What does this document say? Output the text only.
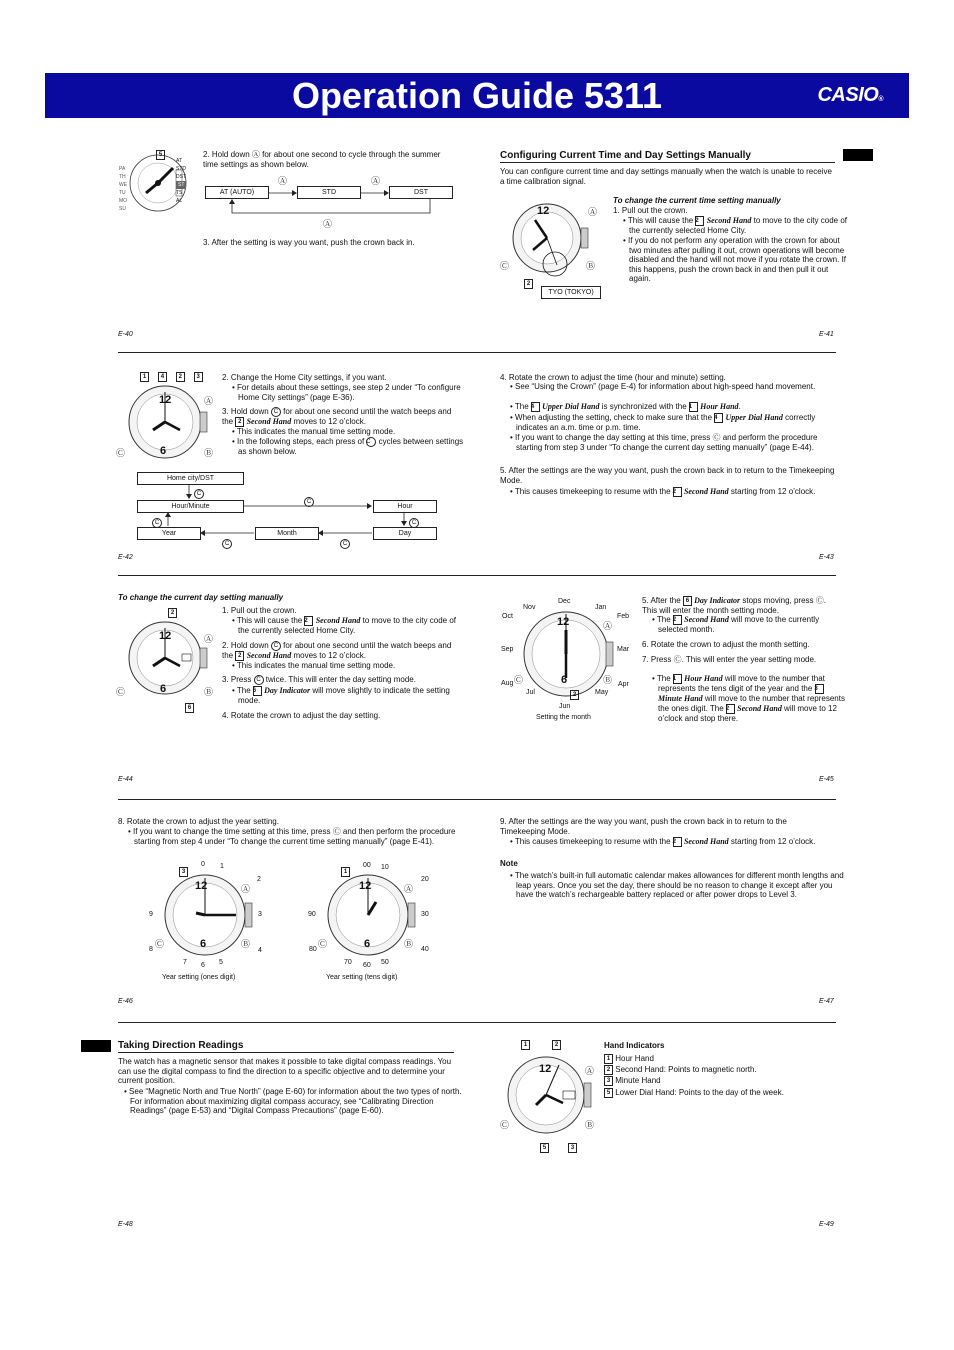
Operation Guide 5311	CASIO®
5
AT
STD
DST
ST
TS
AL
PA
TH
WE
TU
MO
SU
2. Hold down Ⓐ for about one second to cycle through the summer time settings as shown below.
AT (AUTO)	STD	DST
Ⓐ	Ⓐ
Ⓐ
3. After the setting is way you want, push the crown back in.
E-40
Configuring Current Time and Day Settings Manually
You can configure current time and day settings manually when the watch is unable to receive a time calibration signal.
12	Ⓐ
Ⓑ
Ⓒ
2
TYO (TOKYO)
To change the current time setting manually
1. Pull out the crown.
• This will cause the 2 Second Hand to move to the city code of the currently selected Home City.
• If you do not perform any operation with the crown for about two minutes after pulling it out, crown operations will become disabled and the hand will not move if you rotate the crown. If this happens, push the crown back in and then pull it out again.
E-41
1 4 2 3
12
6
Ⓐ
Ⓑ
Ⓒ
2. Change the Home City settings, if you want.
• For details about these settings, see step 2 under “To configure Home City settings” (page E-36).
3. Hold down C for about one second until the watch beeps and the 2 Second Hand moves to 12 o’clock.
• This indicates the manual time setting mode.
• In the following steps, each press of C cycles between settings as shown below.
Home city/DST
Hour/Minute	Hour
Year	Month	Day
C
C
C
C
C	C
E-42
4. Rotate the crown to adjust the time (hour and minute) setting.
• See “Using the Crown” (page E-4) for information about high-speed hand movement.
• The 4 Upper Dial Hand is synchronized with the 1 Hour Hand.
• When adjusting the setting, check to make sure that the 4 Upper Dial Hand correctly indicates an a.m. time or p.m. time.
• If you want to change the day setting at this time, press Ⓒ and perform the procedure starting from step 3 under “To change the current day setting manually” (page E-44).
5. After the settings are the way you want, push the crown back in to return to the Timekeeping Mode.
• This causes timekeeping to resume with the 2 Second Hand starting from 12 o’clock.
E-43
To change the current day setting manually
2
12
6
Ⓐ
Ⓑ
Ⓒ
6
1. Pull out the crown.
• This will cause the 2 Second Hand to move to the city code of the currently selected Home City.
2. Hold down C for about one second until the watch beeps and the 2 Second Hand moves to 12 o’clock.
• This indicates the manual time setting mode.
3. Press C twice. This will enter the day setting mode.
• The 6 Day Indicator will move slightly to indicate the setting mode.
4. Rotate the crown to adjust the day setting.
E-44
12
6
Ⓐ
Ⓑ
Ⓒ
Dec
Jan
Feb
Mar
Apr
May
Jun
Jul
Aug
Sep
Oct
Nov
2
Setting the month
5. After the 6 Day Indicator stops moving, press Ⓒ. This will enter the month setting mode.
• The 2 Second Hand will move to the currently selected month.
6. Rotate the crown to adjust the month setting.
7. Press Ⓒ. This will enter the year setting mode.
• The 1 Hour Hand will move to the number that represents the tens digit of the year and the 3 Minute Hand will move to the number that represents the ones digit. The 2 Second Hand will move to 12 o’clock and stop there.
E-45
8. Rotate the crown to adjust the year setting.
• If you want to change the time setting at this time, press Ⓒ and then perform the procedure starting from step 4 under “To change the current time setting manually” (page E-41).
12
6
3
Ⓐ
Ⓑ
Ⓒ
0 1
2
3
4
5
6
7
8
9
Year setting (ones digit)
12
6
1
Ⓐ
Ⓑ
Ⓒ
00 10
20
30
40
50
60
70
80
90
Year setting (tens digit)
E-46
9. After the settings are the way you want, push the crown back in to return to the Timekeeping Mode.
• This causes timekeeping to resume with the 2 Second Hand starting from 12 o’clock.
Note
• The watch’s built-in full automatic calendar makes allowances for different month lengths and leap years. Once you set the day, there should be no reason to change it except after you have the watch’s rechargeable battery replaced or after power drops to Level 3.
E-47
Taking Direction Readings
The watch has a magnetic sensor that makes it possible to take digital compass readings. You can use the digital compass to find the direction to a specific objective and to determine your current position.
• See “Magnetic North and True North” (page E-60) for information about the two types of north. For information about maximizing digital compass accuracy, see “Calibrating Direction Readings” (page E-53) and “Digital Compass Precautions” (page E-60).
E-48
1	2
12	Ⓐ
Ⓑ
Ⓒ
5	3
Hand Indicators
1 Hour Hand
2 Second Hand: Points to magnetic north.
3 Minute Hand
5 Lower Dial Hand: Points to the day of the week.
E-49
